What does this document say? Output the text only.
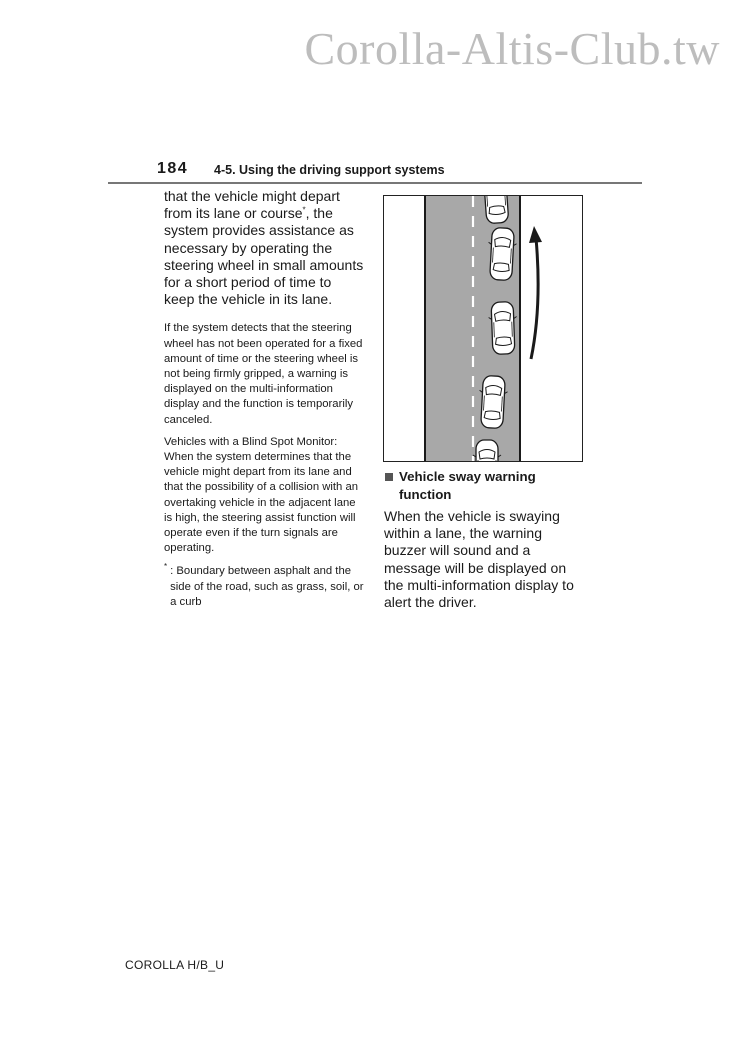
Corolla-Altis-Club.tw
184 4-5. Using the driving support systems

that the vehicle might depart from its lane or course*, the system provides assistance as necessary by operating the steering wheel in small amounts for a short period of time to keep the vehicle in its lane.

If the system detects that the steering wheel has not been operated for a fixed amount of time or the steering wheel is not being firmly gripped, a warning is displayed on the multi-information display and the function is temporarily canceled.

Vehicles with a Blind Spot Monitor: When the system determines that the vehicle might depart from its lane and that the possibility of a collision with an overtaking vehicle in the adjacent lane is high, the steering assist function will operate even if the turn signals are operating.

* : Boundary between asphalt and the side of the road, such as grass, soil, or a curb
Vehicle sway warning function

When the vehicle is swaying within a lane, the warning buzzer will sound and a message will be displayed on the multi-information display to alert the driver.

COROLLA H/B_U
